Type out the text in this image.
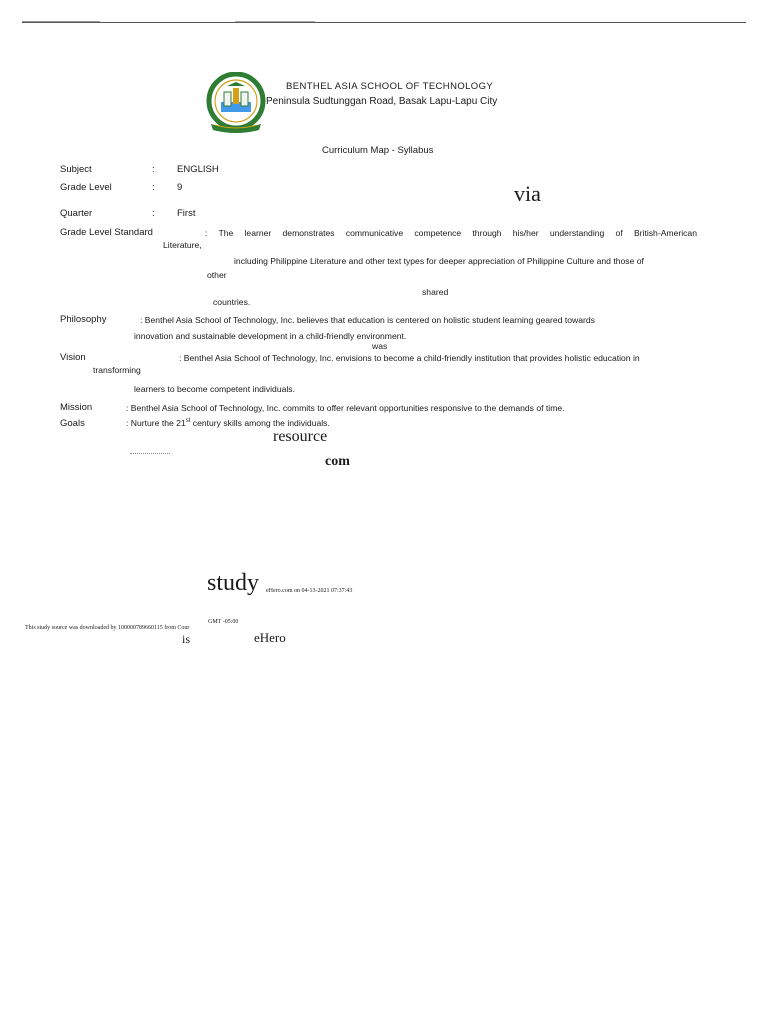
BENTHEL ASIA SCHOOL OF TECHNOLOGY
Peninsula Sudtunggan Road, Basak Lapu-Lapu City
Curriculum Map - Syllabus
Subject	: ENGLISH
Grade Level	: 9	via
Quarter	: First
Grade Level Standard	: The learner demonstrates communicative competence through his/her understanding of British-American
Literature,
including Philippine Literature and other text types for deeper appreciation of Philippine Culture and those of
other
shared
countries.
Philosophy	: Benthel Asia School of Technology, Inc. believes that education is centered on holistic student learning geared towards
innovation and sustainable development in a child-friendly environment.
was
Vision	: Benthel Asia School of Technology, Inc. envisions to become a child-friendly institution that provides holistic education in
transforming
learners to become competent individuals.
Mission	: Benthel Asia School of Technology, Inc. commits to offer relevant opportunities responsive to the demands of time.
Goals	: Nurture the 21st century skills among the individuals.
resource
com
study eHero.com on 04-13-2021 07:37:43
GMT -05:00
This study source was downloaded by 100000789660115 from Cour
is	eHero
